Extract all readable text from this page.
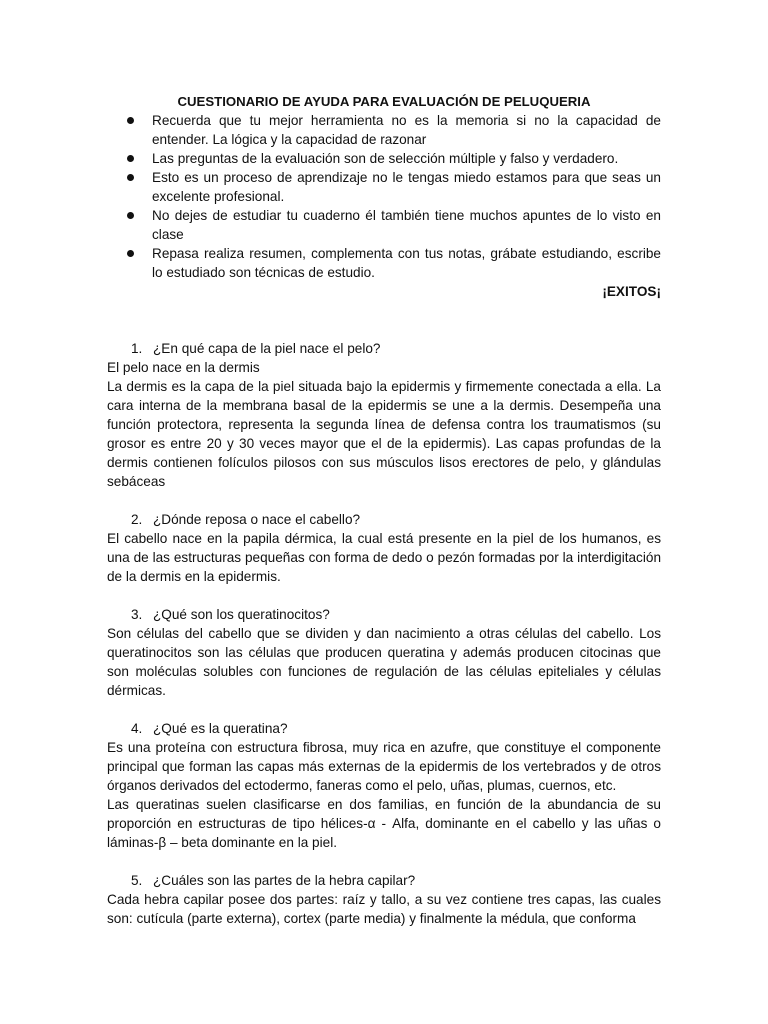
CUESTIONARIO DE AYUDA PARA EVALUACIÓN DE PELUQUERIA
Recuerda que tu mejor herramienta no es la memoria si no la capacidad de entender. La lógica y la capacidad de razonar
Las preguntas de la evaluación son de selección múltiple y falso y verdadero.
Esto es un proceso de aprendizaje no le tengas miedo estamos para que seas un excelente profesional.
No dejes de estudiar tu cuaderno él también tiene muchos apuntes de lo visto en clase
Repasa realiza resumen, complementa con tus notas, grábate estudiando, escribe lo estudiado son técnicas de estudio.

¡EXITOS¡

1. ¿En qué capa de la piel nace el pelo?

El pelo nace en la dermis

La dermis es la capa de la piel situada bajo la epidermis y firmemente conectada a ella. La cara interna de la membrana basal de la epidermis se une a la dermis. Desempeña una función protectora, representa la segunda línea de defensa contra los traumatismos (su grosor es entre 20 y 30 veces mayor que el de la epidermis). Las capas profundas de la dermis contienen folículos pilosos con sus músculos lisos erectores de pelo, y glándulas sebáceas

2. ¿Dónde reposa o nace el cabello?

El cabello nace en la papila dérmica, la cual está presente en la piel de los humanos, es una de las estructuras pequeñas con forma de dedo o pezón formadas por la interdigitación de la dermis en la epidermis.

3. ¿Qué son los queratinocitos?

Son células del cabello que se dividen y dan nacimiento a otras células del cabello. Los queratinocitos son las células que producen queratina y además producen citocinas que son moléculas solubles con funciones de regulación de las células epiteliales y células dérmicas.

4. ¿Qué es la queratina?

Es una proteína con estructura fibrosa, muy rica en azufre, que constituye el componente principal que forman las capas más externas de la epidermis de los vertebrados y de otros órganos derivados del ectodermo, faneras como el pelo, uñas, plumas, cuernos, etc.

Las queratinas suelen clasificarse en dos familias, en función de la abundancia de su proporción en estructuras de tipo hélices-α - Alfa, dominante en el cabello y las uñas o láminas-β – beta dominante en la piel.

5. ¿Cuáles son las partes de la hebra capilar?

Cada hebra capilar posee dos partes: raíz y tallo, a su vez contiene tres capas, las cuales son: cutícula (parte externa), cortex (parte media) y finalmente la médula, que conforma
